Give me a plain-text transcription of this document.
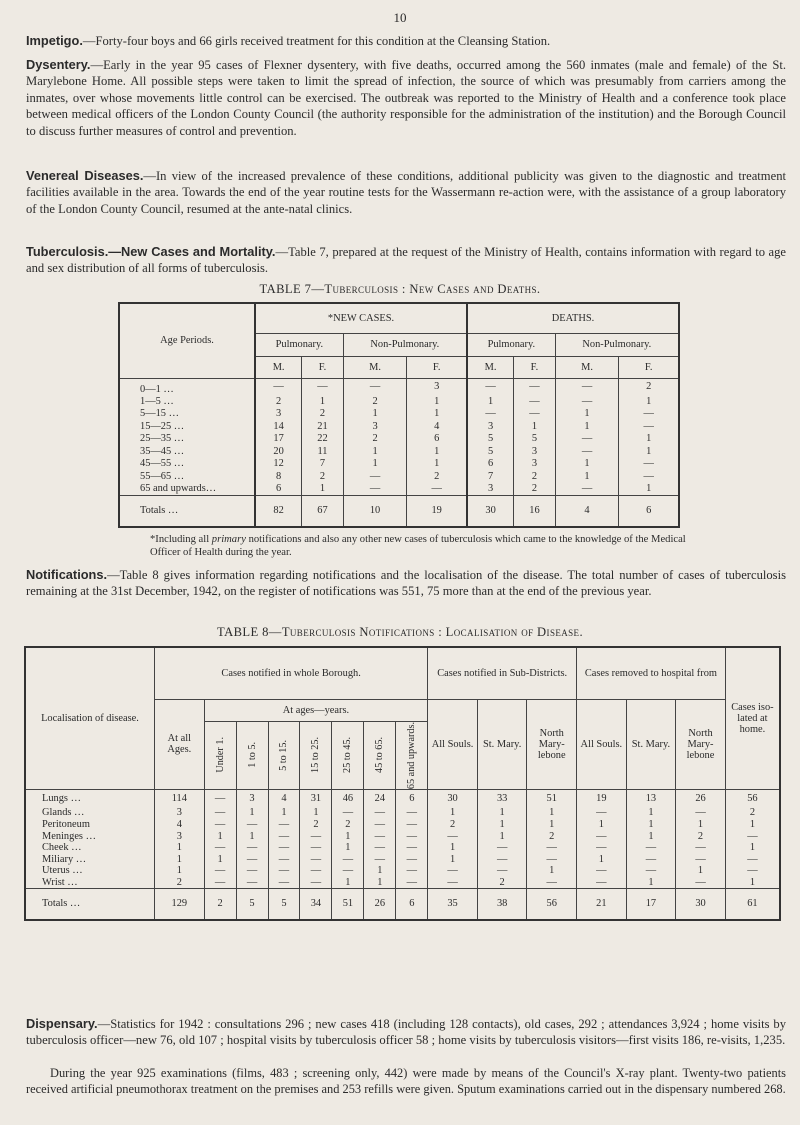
10

Impetigo.—Forty-four boys and 66 girls received treatment for this condition at the Cleansing Station.

Dysentery.—Early in the year 95 cases of Flexner dysentery, with five deaths, occurred among the 560 inmates (male and female) of the St. Marylebone Home. All possible steps were taken to limit the spread of infection, the source of which was presumably from carriers among the inmates, over whose movements little control can be exercised. The outbreak was reported to the Ministry of Health and a conference took place between medical officers of the London County Council (the authority responsible for the administration of the institution) and the Borough Council to discuss further measures of control and prevention.

Venereal Diseases.—In view of the increased prevalence of these conditions, additional publicity was given to the diagnostic and treatment facilities available in the area. Towards the end of the year routine tests for the Wassermann re-action were, with the assistance of a group laboratory of the London County Council, resumed at the ante-natal clinics.

Tuberculosis.—New Cases and Mortality.—Table 7, prepared at the request of the Ministry of Health, contains information with regard to age and sex distribution of all forms of tuberculosis.

TABLE 7—Tuberculosis : New Cases and Deaths.
Age Periods.	*NEW CASES.				DEATHS.			
	Pulmonary.		Non-Pulmonary.		Pulmonary.		Non-Pulmonary.	
	M.	F.	M.	F.	M.	F.	M.	F.
0—1 …	—	—	—	3	—	—	—	2
1—5 …	2	1	2	1	1	—	—	1
5—15 …	3	2	1	1	—	—	1	—
15—25 …	14	21	3	4	3	1	1	—
25—35 …	17	22	2	6	5	5	—	1
35—45 …	20	11	1	1	5	3	—	1
45—55 …	12	7	1	1	6	3	1	—
55—65 …	8	2	—	2	7	2	1	—
65 and upwards…	6	1	—	—	3	2	—	1
Totals …	82	67	10	19	30	16	4	6

*Including all primary notifications and also any other new cases of tuberculosis which came to the knowledge of the Medical Officer of Health during the year.

Notifications.—Table 8 gives information regarding notifications and the localisation of the disease. The total number of cases of tuberculosis remaining at the 31st December, 1942, on the register of notifications was 551, 75 more than at the end of the previous year.

TABLE 8—Tuberculosis Notifications : Localisation of Disease.
Localisation of disease.	Cases notified in whole Borough.								Cases notified in Sub-Districts.			Cases removed to hospital from			Cases iso-lated at home.
	At all Ages.	At ages—years.							All Souls.	St. Mary.	North Mary-lebone	All Souls.	St. Mary.	North Mary-lebone	

		Under 1.	1 to 5.	5 to 15.	15 to 25.	25 to 45.	45 to 65.	65 and upwards.							

Lungs …	114	—	3	4	31	46	24	6	30	33	51	19	13	26	56
Glands …	3	—	1	1	1	—	—	—	1	1	1	—	1	—	2
Peritoneum	4	—	—	—	2	2	—	—	2	1	1	1	1	1	1
Meninges …	3	1	1	—	—	1	—	—	—	1	2	—	1	2	—
Cheek …	1	—	—	—	—	1	—	—	1	—	—	—	—	—	1
Miliary …	1	1	—	—	—	—	—	—	1	—	—	1	—	—	—
Uterus …	1	—	—	—	—	—	1	—	—	—	1	—	—	1	—
Wrist …	2	—	—	—	—	1	1	—	—	2	—	—	1	—	1
Totals …	129	2	5	5	34	51	26	6	35	38	56	21	17	30	61

Dispensary.—Statistics for 1942 : consultations 296 ; new cases 418 (including 128 contacts), old cases, 292 ; attendances 3,924 ; home visits by tuberculosis officer—new 76, old 107 ; hospital visits by tuberculosis officer 58 ; home visits by tuberculosis visitors—first visits 186, re-visits, 1,235.

During the year 925 examinations (films, 483 ; screening only, 442) were made by means of the Council's X-ray plant. Twenty-two patients received artificial pneumothorax treatment on the premises and 253 refills were given. Sputum examinations carried out in the dispensary numbered 268.
